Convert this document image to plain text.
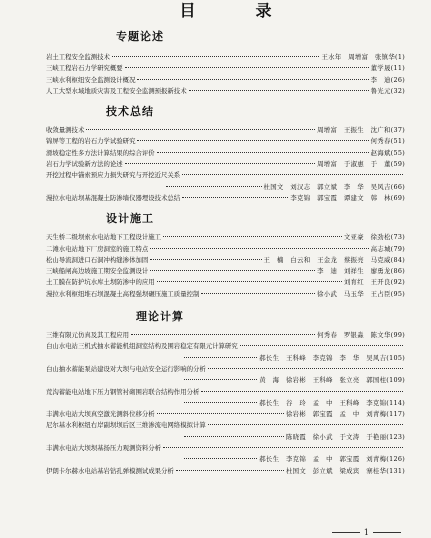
目　录
专题论述
岩土工程安全监测技术	王水年　周增富　张镇华(1)
三峡工程岩石力学研究概要	董学晟(11)
三峡水利枢纽安全监测设计概况	李　迪(26)
人工大型水域地质灾害及工程安全监测预报新技术	鲁光元(32)
技术总结
收敛量测技术	周增富　王振生　沈广和(37)
锦屏等工程的岩石力学试验研究	何秀春(51)
滑坡稳定性多方法计算结果的综合评价	赵海斌(55)
岩石力学试验新方法的论述	周增富　于淑惠　于　董(59)
开挖过程中锚索预应力损失研究与开挖近尺关系
杜国文　刘汉志　郭立斌　李　华　吴风吉(66)
漫拉水电站坝基混凝土防渗墙仪器埋设技术总结	李克锦　郭宝霞　谭建文　韩　林(69)
设计施工
天生桥二级坝索水电站地下工程设计施工	文亚豪　徐劲松(73)
二滩水电站地下厂房洞室的施工特点	高志城(79)
松山导流洞进口石洞冲构缝渗体加固	王　楠　白云和　王金龙　蔡振亮　马克威(84)
三峡船闸高边坡施工期安全监测设计	李　迪　刘祥生　廖勇龙(86)
土工膜在防护坑水库土坝防渗中的应用	刘育红　王开良(92)
漫拉水利枢纽堆石坝混凝土高程强坝碾压施工质量控制	徐小武　马玉华　王占臣(95)
理论计算
三维有限元仿真及其工程应用	何秀春　罗银淼　陈文华(99)
白山水电站三机式抽水蓄能机组洞室结构及围岩稳定有限元计算研究
郝长生　王科峰　李克锦　李　华　吴风吉(105)
白山抽水蓄能泵站建设对大坝与电站安全运行影响的分析
黄　海　徐岩彬　王科峰　张立亮　郭国柱(109)
荒沟蓄能电站地下压力钢管衬砌围岩联合结构作用分析
郝长生　谷　玲　孟　中　王科峰　李克锦(114)
丰满水电站大坝真空激光测斜位移分析	徐岩彬　郭宝霞　孟　中　刘青梅(117)
尼尔基水利枢纽右岸副坝坝后区三维渗流电网络模拟计算
陈晓霞　徐小武　于文涛　于艳丽(123)
丰满水电站大坝坝基扬压力观测资料分析
郝长生　李克锦　孟　中　郭宝霞　刘青梅(126)
伊朗卡尔赫水电站基岩钻孔弹模测试成果分析	杜国文　彭立斌　梁成宾　寨桂华(131)
1
